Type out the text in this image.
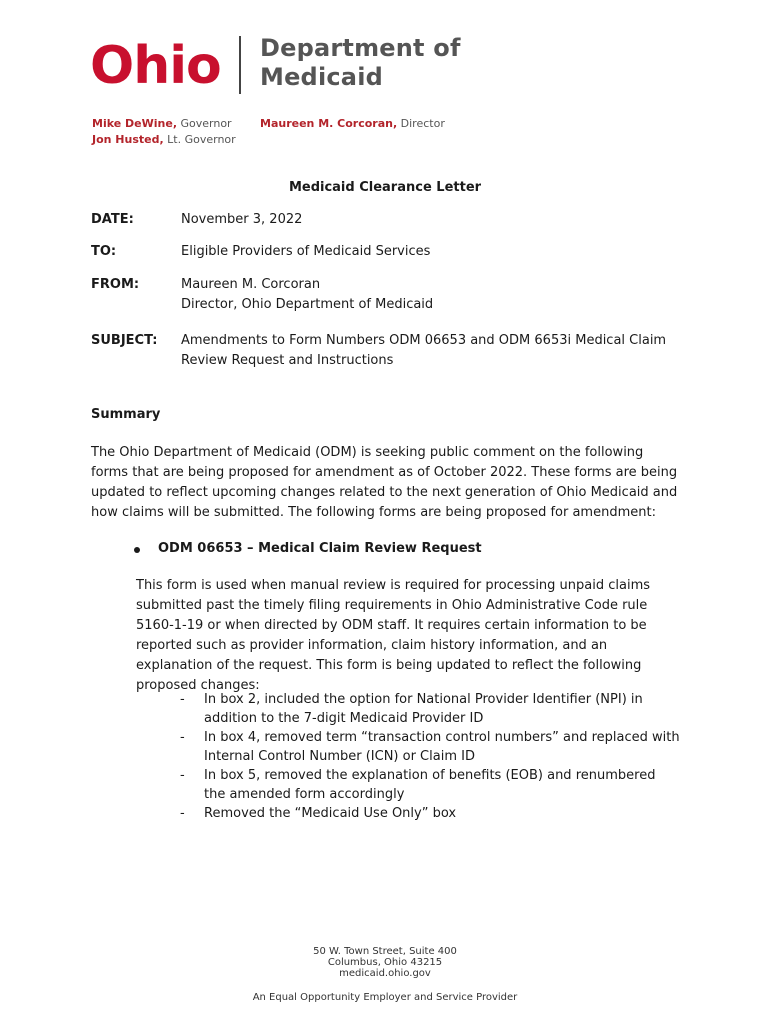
Ohio Department of
Medicaid
Mike DeWine, Governor
Jon Husted, Lt. Governor
Maureen M. Corcoran, Director
Medicaid Clearance Letter
DATE:	November 3, 2022
TO:	Eligible Providers of Medicaid Services
FROM:	Maureen M. Corcoran
Director, Ohio Department of Medicaid
SUBJECT: Amendments to Form Numbers ODM 06653 and ODM 6653i Medical Claim
Review Request and Instructions
Summary
The Ohio Department of Medicaid (ODM) is seeking public comment on the following forms that are being proposed for amendment as of October 2022. These forms are being updated to reflect upcoming changes related to the next generation of Ohio Medicaid and how claims will be submitted. The following forms are being proposed for amendment:
ODM 06653 – Medical Claim Review Request
This form is used when manual review is required for processing unpaid claims submitted past the timely filing requirements in Ohio Administrative Code rule 5160-1-19 or when directed by ODM staff. It requires certain information to be reported such as provider information, claim history information, and an explanation of the request. This form is being updated to reflect the following proposed changes:
- In box 2, included the option for National Provider Identifier (NPI) in addition to the 7-digit Medicaid Provider ID
- In box 4, removed term “transaction control numbers” and replaced with Internal Control Number (ICN) or Claim ID
- In box 5, removed the explanation of benefits (EOB) and renumbered the amended form accordingly
- Removed the “Medicaid Use Only” box
50 W. Town Street, Suite 400
Columbus, Ohio 43215
medicaid.ohio.gov
An Equal Opportunity Employer and Service Provider
